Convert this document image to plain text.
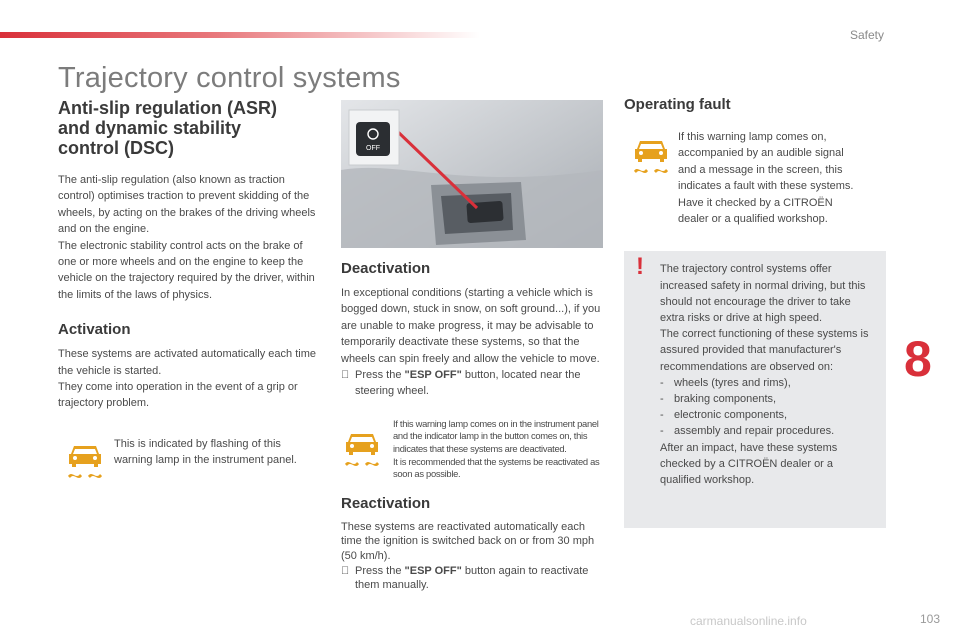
Safety
Trajectory control systems
Anti-slip regulation (ASR)
and dynamic stability
control (DSC)

The anti-slip regulation (also known as traction control) optimises traction to prevent skidding of the wheels, by acting on the brakes of the driving wheels and on the engine.

The electronic stability control acts on the brake of one or more wheels and on the engine to keep the vehicle on the trajectory required by the driver, within the limits of the laws of physics.

Activation

These systems are activated automatically each time the vehicle is started.

They come into operation in the event of a grip or trajectory problem.

This is indicated by flashing of this warning lamp in the instrument panel.
OFF
Deactivation

In exceptional conditions (starting a vehicle which is bogged down, stuck in snow, on soft ground...), if you are unable to make progress, it may be advisable to temporarily deactivate these systems, so that the wheels can spin freely and allow the vehicle to move.

Press the "ESP OFF" button, located near the steering wheel.

If this warning lamp comes on in the instrument panel and the indicator lamp in the button comes on, this indicates that these systems are deactivated.

It is recommended that the systems be reactivated as soon as possible.

Reactivation

These systems are reactivated automatically each time the ignition is switched back on or from 30 mph (50 km/h).

Press the "ESP OFF" button again to reactivate them manually.
Operating fault
If this warning lamp comes on, accompanied by an audible signal and a message in the screen, this indicates a fault with these systems. Have it checked by a CITROËN dealer or a qualified workshop.
! The trajectory control systems offer increased safety in normal driving, but this should not encourage the driver to take extra risks or drive at high speed.

The correct functioning of these systems is assured provided that manufacturer's recommendations are observed on:

- wheels (tyres and rims),
- braking components,
- electronic components,
- assembly and repair procedures.

After an impact, have these systems checked by a CITROËN dealer or a qualified workshop.

8
carmanualsonline.info	103
